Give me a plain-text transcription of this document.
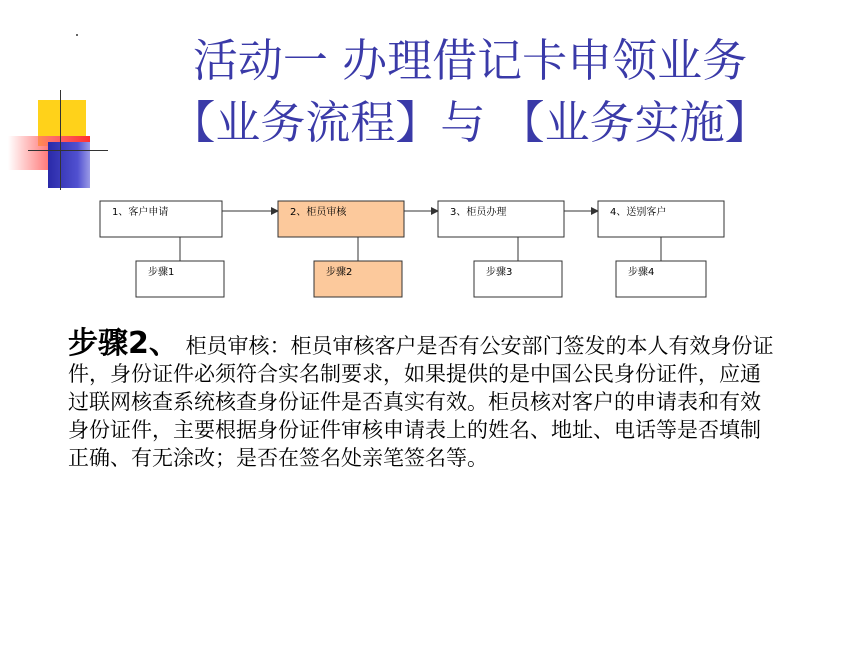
活动一 办理借记卡申领业务
【业务流程】与 【业务实施】
1、客户申请	2、柜员审核	3、柜员办理	4、送别客户
步骤1	步骤2	步骤3	步骤4

步骤2、 柜员审核：柜员审核客户是否有公安部门签发的本人有效身份证件，身份证件必须符合实名制要求，如果提供的是中国公民身份证件，应通过联网核查系统核查身份证件是否真实有效。柜员核对客户的申请表和有效身份证件，主要根据身份证件审核申请表上的姓名、地址、电话等是否填制正确、有无涂改；是否在签名处亲笔签名等。
